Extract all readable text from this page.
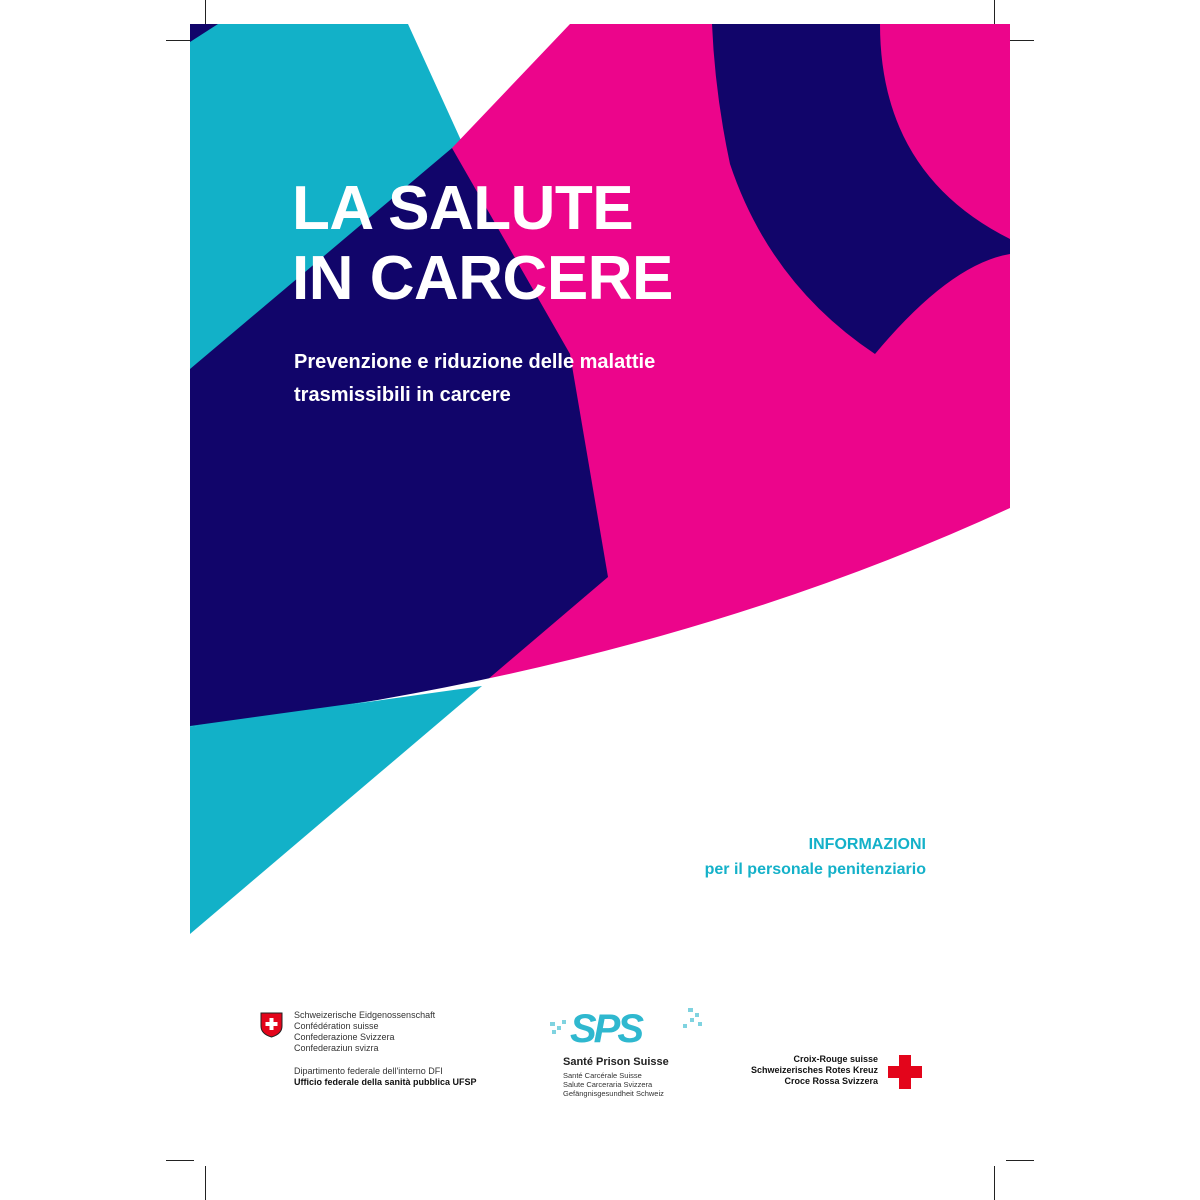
LA SALUTE
IN CARCERE

Prevenzione e riduzione delle malattie
trasmissibili in carcere

INFORMAZIONI
per il personale penitenziario
Schweizerische Eidgenossenschaft
Confédération suisse
Confederazione Svizzera
Confederaziun svizra
Dipartimento federale dell'interno DFI
Ufficio federale della sanità pubblica UFSP
SPS
Santé Prison Suisse
Santé Carcérale Suisse
Salute Carceraria Svizzera
Gefängnisgesundheit Schweiz
Croix-Rouge suisse
Schweizerisches Rotes Kreuz
Croce Rossa Svizzera
